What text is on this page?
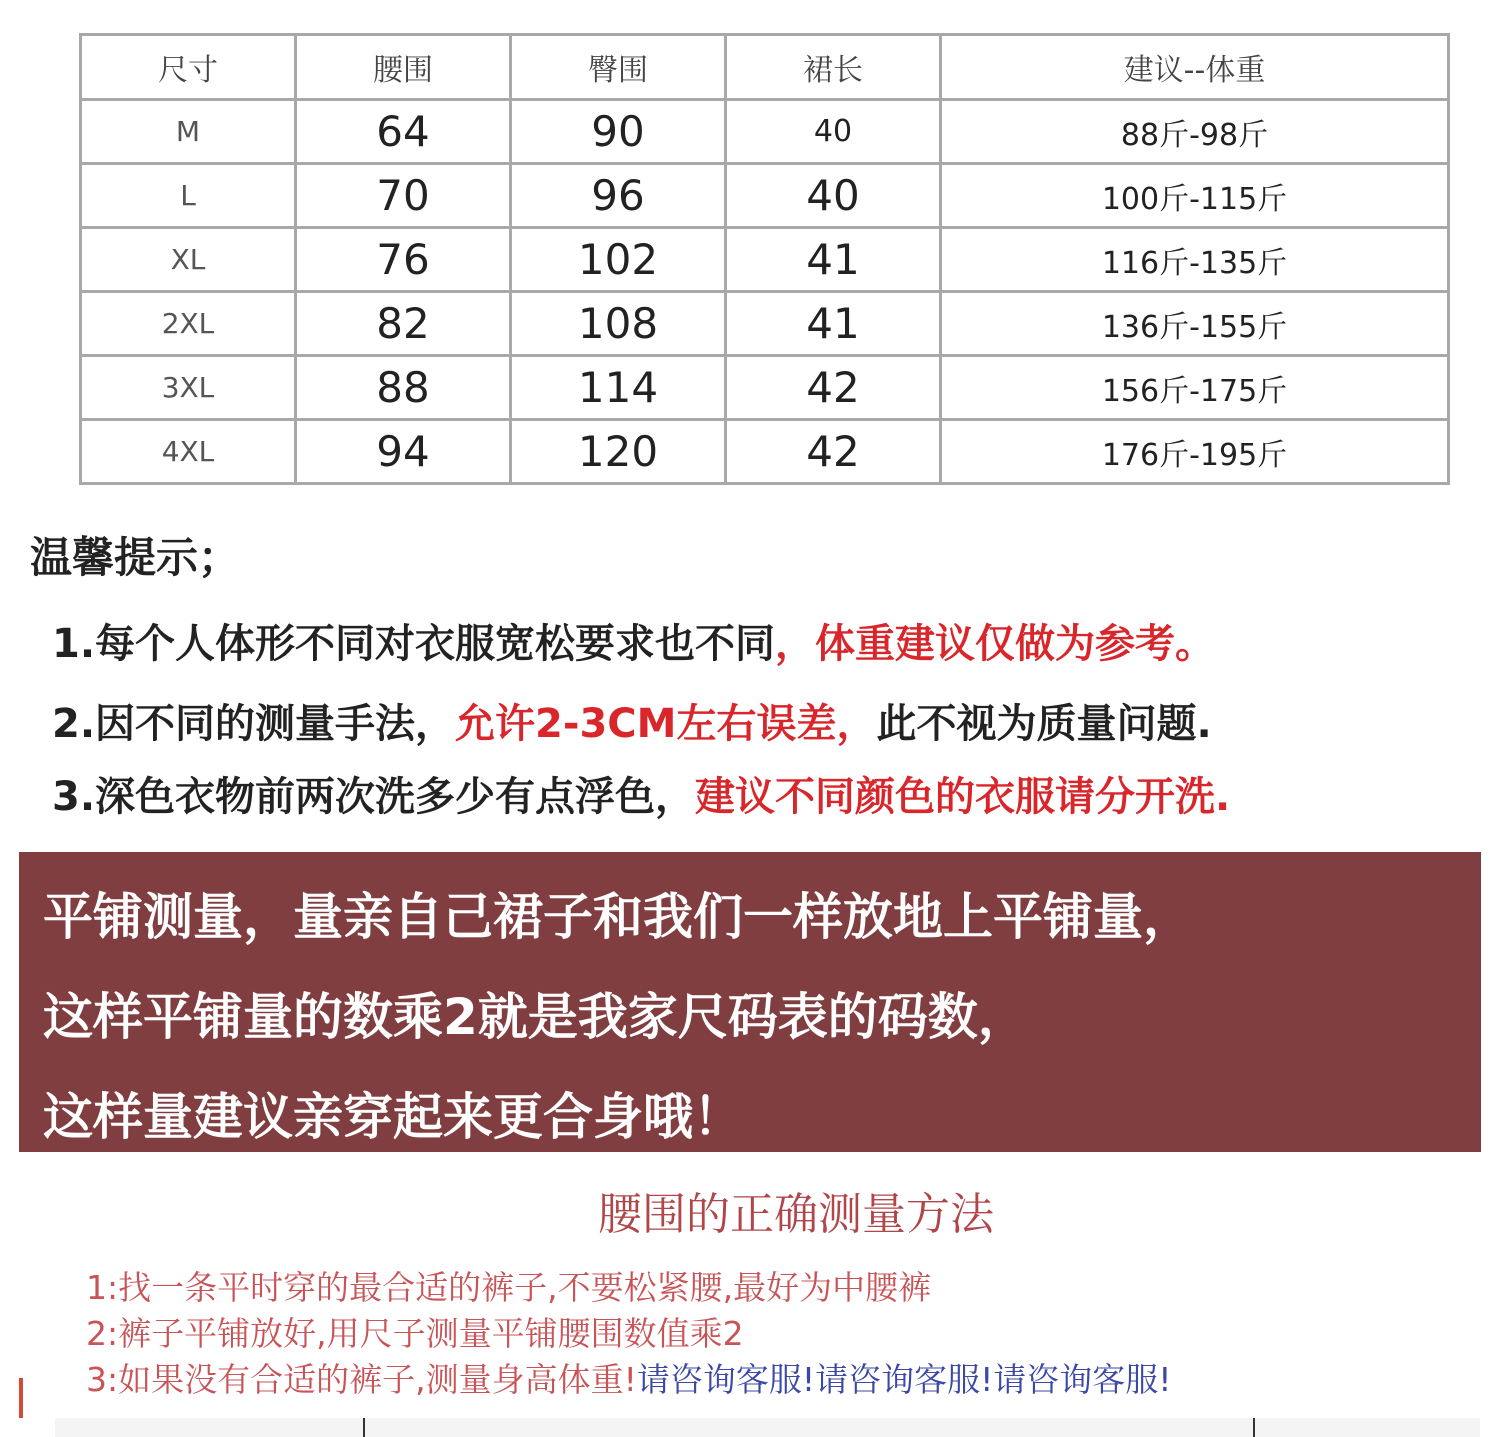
尺寸	腰围	臀围	裙长	建议--体重
M	64	90	40	88斤-98斤
L	70	96	40	100斤-115斤
XL	76	102	41	116斤-135斤
2XL	82	108	41	136斤-155斤
3XL	88	114	42	156斤-175斤
4XL	94	120	42	176斤-195斤
温馨提示；
1.每个人体形不同对衣服宽松要求也不同，体重建议仅做为参考。
2.因不同的测量手法，允许2-3CM左右误差，此不视为质量问题.
3.深色衣物前两次洗多少有点浮色，建议不同颜色的衣服请分开洗.
平铺测量，量亲自己裙子和我们一样放地上平铺量，
这样平铺量的数乘2就是我家尺码表的码数，
这样量建议亲穿起来更合身哦！
腰围的正确测量方法
1:找一条平时穿的最合适的裤子,不要松紧腰,最好为中腰裤
2:裤子平铺放好,用尺子测量平铺腰围数值乘2
3:如果没有合适的裤子,测量身高体重!请咨询客服!请咨询客服!请咨询客服!
